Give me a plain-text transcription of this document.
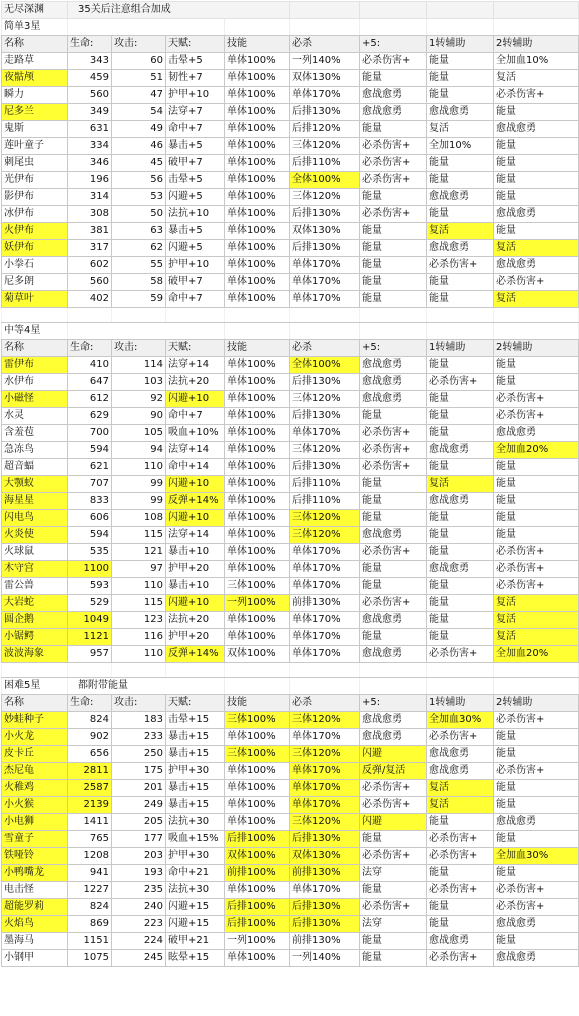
无尽深渊	35关后注意组合加成							
简单3星								
名称	生命:	攻击:	天赋:	技能	必杀	+5:	1转辅助	2转辅助
走路草	343	60	击晕+5	单体100%	一列140%	必杀伤害+	能量	全加血10%
夜骷颅	459	51	韧性+7	单体100%	双体130%	能量	能量	复活
瞬力	560	47	护甲+10	单体100%	单体170%	愈战愈勇	能量	必杀伤害+
尼多兰	349	54	法穿+7	单体100%	后排130%	愈战愈勇	愈战愈勇	能量
鬼斯	631	49	命中+7	单体100%	后排120%	能量	复活	愈战愈勇
莲叶童子	334	46	暴击+5	单体100%	三体120%	必杀伤害+	全加10%	能量
刺尾虫	346	45	破甲+7	单体100%	后排110%	必杀伤害+	能量	能量
光伊布	196	56	击晕+5	单体100%	全体100%	必杀伤害+	能量	能量
影伊布	314	53	闪避+5	单体100%	三体120%	能量	愈战愈勇	能量
冰伊布	308	50	法抗+10	单体100%	后排130%	必杀伤害+	能量	愈战愈勇
火伊布	381	63	暴击+5	单体100%	双体130%	能量	复活	能量
妖伊布	317	62	闪避+5	单体100%	后排130%	能量	愈战愈勇	复活
小拳石	602	55	护甲+10	单体100%	单体170%	能量	必杀伤害+	愈战愈勇
尼多朗	560	58	破甲+7	单体100%	单体170%	能量	能量	必杀伤害+
菊草叶	402	59	命中+7	单体100%	单体170%	能量	能量	复活

中等4星								
名称	生命:	攻击:	天赋:	技能	必杀	+5:	1转辅助	2转辅助
雷伊布	410	114	法穿+14	单体100%	全体100%	愈战愈勇	能量	能量
水伊布	647	103	法抗+20	单体100%	后排130%	愈战愈勇	必杀伤害+	能量
小磁怪	612	92	闪避+10	单体100%	三体120%	愈战愈勇	能量	必杀伤害+
水灵	629	90	命中+7	单体100%	后排130%	能量	能量	必杀伤害+
含羞苞	700	105	吸血+10%	单体100%	单体170%	必杀伤害+	能量	愈战愈勇
急冻鸟	594	94	法穿+14	单体100%	三体120%	必杀伤害+	愈战愈勇	全加血20%
超音蝠	621	110	命中+14	单体100%	后排130%	必杀伤害+	能量	能量
大颚蚁	707	99	闪避+10	单体100%	后排110%	能量	复活	能量
海星星	833	99	反弹+14%	单体100%	后排110%	能量	愈战愈勇	能量
闪电鸟	606	108	闪避+10	单体100%	三体120%	能量	能量	能量
火炎使	594	115	法穿+14	单体100%	三体120%	愈战愈勇	能量	能量
火球鼠	535	121	暴击+10	单体100%	单体170%	必杀伤害+	能量	必杀伤害+
木守宫	1100	97	护甲+20	单体100%	单体170%	能量	愈战愈勇	必杀伤害+
雷公兽	593	110	暴击+10	三体100%	单体170%	能量	能量	必杀伤害+
大岩蛇	529	115	闪避+10	一列100%	前排130%	必杀伤害+	能量	复活
圆企鹅	1049	123	法抗+20	单体100%	单体170%	愈战愈勇	能量	复活
小锯鳄	1121	116	护甲+20	单体100%	单体170%	能量	能量	复活
波波海象	957	110	反弹+14%	双体100%	单体170%	愈战愈勇	必杀伤害+	全加血20%

困难5星	都附带能量							
名称	生命:	攻击:	天赋:	技能	必杀	+5:	1转辅助	2转辅助
妙蛙种子	824	183	击晕+15	三体100%	三体120%	愈战愈勇	全加血30%	必杀伤害+
小火龙	902	233	暴击+15	单体100%	单体170%	愈战愈勇	必杀伤害+	能量
皮卡丘	656	250	暴击+15	三体100%	三体120%	闪避	愈战愈勇	能量
杰尼龟	2811	175	护甲+30	单体100%	单体170%	反弹/复活	愈战愈勇	必杀伤害+
火稚鸡	2587	201	暴击+15	单体100%	单体170%	必杀伤害+	复活	能量
小火猴	2139	249	暴击+15	单体100%	单体170%	必杀伤害+	复活	能量
小电狮	1411	205	法抗+30	单体100%	三体120%	闪避	能量	愈战愈勇
雪童子	765	177	吸血+15%	后排100%	后排130%	能量	必杀伤害+	能量
铁哑铃	1208	203	护甲+30	双体100%	双体130%	必杀伤害+	必杀伤害+	全加血30%
小鸭嘴龙	941	193	命中+21	前排100%	前排130%	法穿	能量	能量
电击怪	1227	235	法抗+30	单体100%	单体170%	能量	必杀伤害+	必杀伤害+
超能罗莉	824	240	闪避+15	后排100%	后排130%	必杀伤害+	能量	必杀伤害+
火焰鸟	869	223	闪避+15	后排100%	后排130%	法穿	能量	愈战愈勇
墨海马	1151	224	破甲+21	一列100%	前排130%	能量	愈战愈勇	能量
小钢甲	1075	245	眩晕+15	单体100%	一列140%	能量	必杀伤害+	愈战愈勇
